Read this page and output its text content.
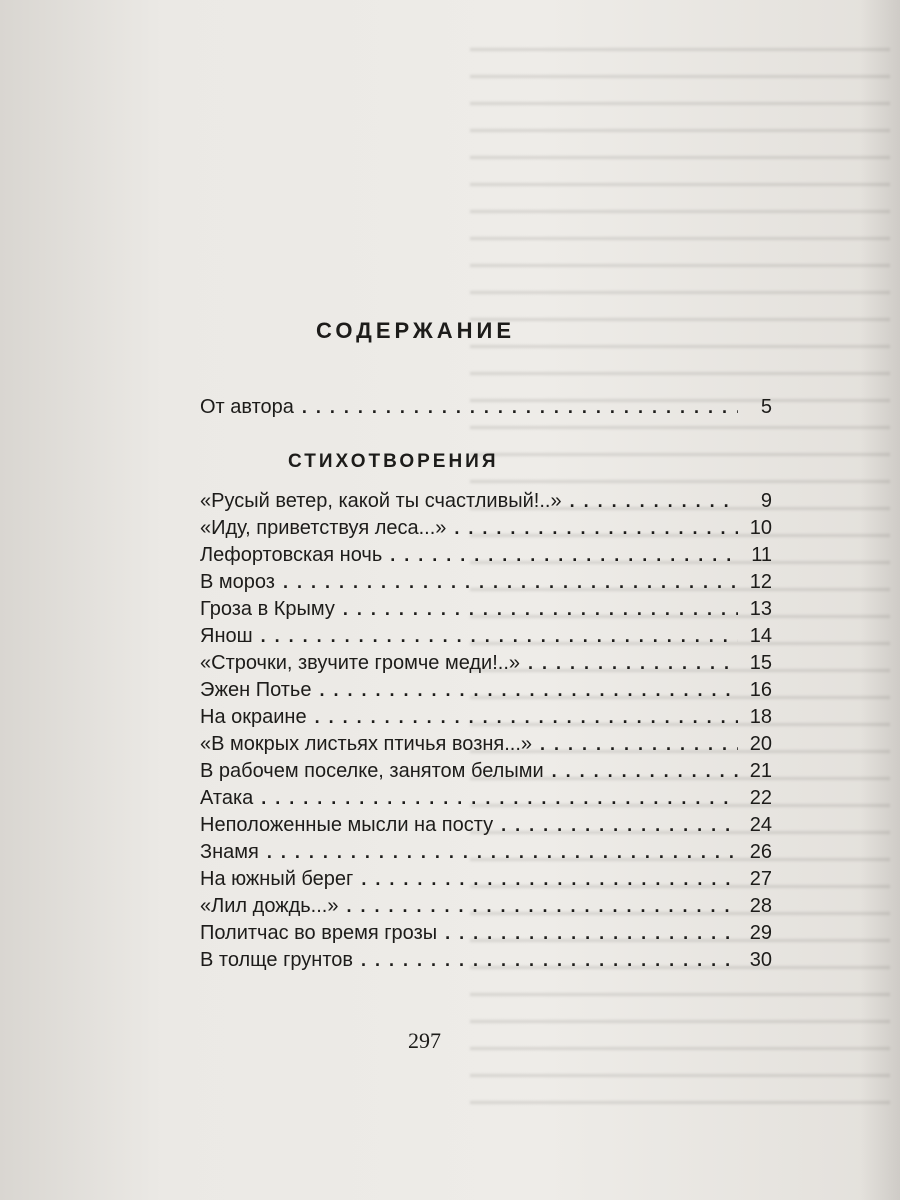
СОДЕРЖАНИЕ
От автора . . .	5
СТИХОТВОРЕНИЯ
«Русый ветер, какой ты счастливый!..» . . .	9
«Иду, приветствуя леса...» . . .	10
Лефортовская ночь . . .	11
В мороз . . .	12
Гроза в Крыму . . .	13
Янош . . .	14
«Строчки, звучите громче меди!..» . . .	15
Эжен Потье . . .	16
На окраине . . .	18
«В мокрых листьях птичья возня...» . . .	20
В рабочем поселке, занятом белыми . . .	21
Атака . . .	22
Неположенные мысли на посту . . .	24
Знамя . . .	26
На южный берег . . .	27
«Лил дождь...» . . .	28
Политчас во время грозы . . .	29
В толще грунтов . . .	30
297
